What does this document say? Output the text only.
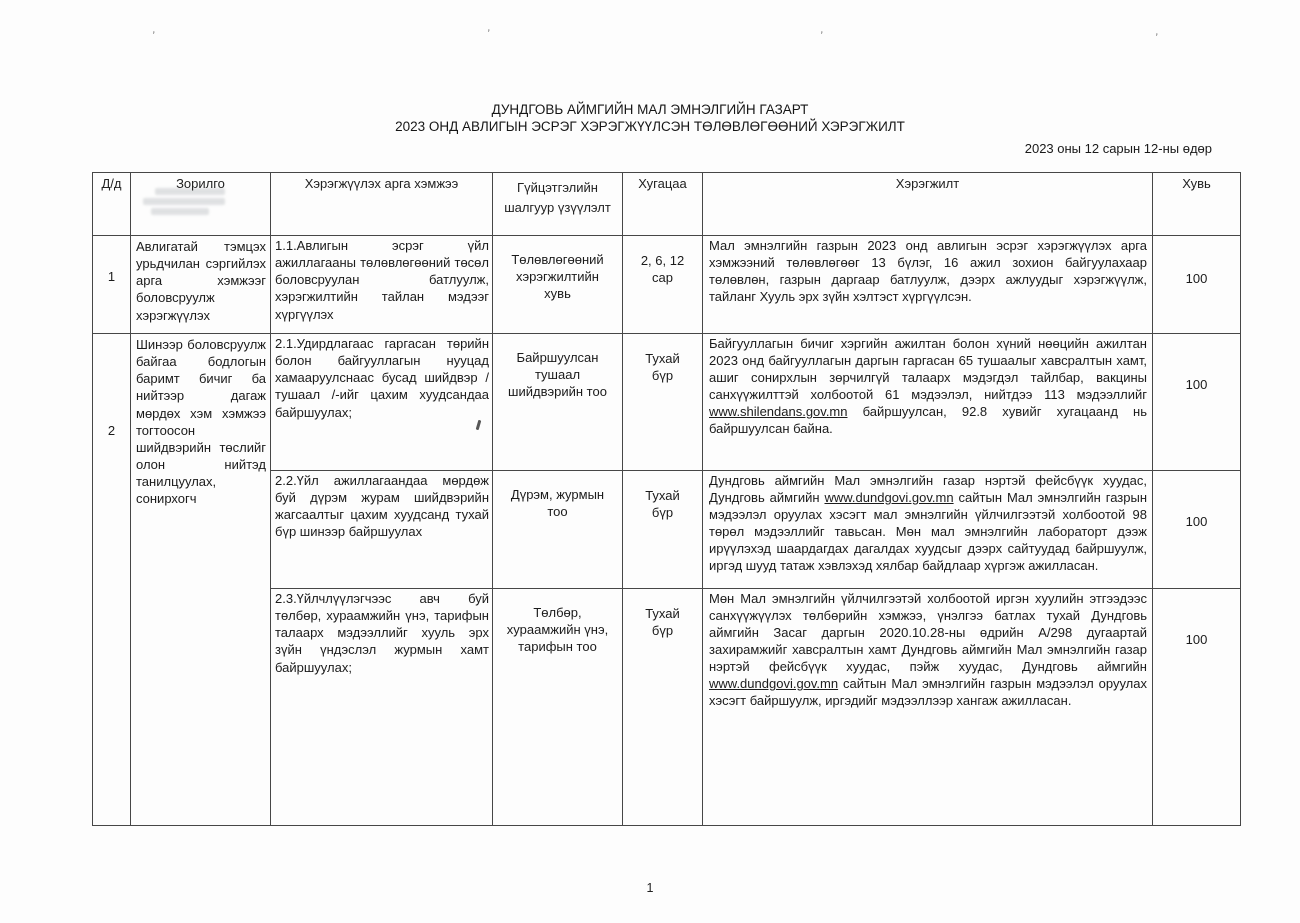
’	’	’	’
ДУНДГОВЬ АЙМГИЙН МАЛ ЭМНЭЛГИЙН ГАЗАРТ
2023 ОНД АВЛИГЫН ЭСРЭГ ХЭРЭГЖҮҮЛСЭН ТӨЛӨВЛӨГӨӨНИЙ ХЭРЭГЖИЛТ
2023 оны 12 сарын 12-ны өдөр
Д/д	Зорилго	Хэрэгжүүлэх арга хэмжээ	Гүйцэтгэлийн шалгуур үзүүлэлт	Хугацаа	Хэрэгжилт	Хувь
1	Авлигатай тэмцэх урьдчилан сэргийлэх арга хэмжээг боловсруулж хэрэгжүүлэх	1.1.Авлигын эсрэг үйл ажиллагааны төлөвлөгөөний төсөл боловсруулан батлуулж, хэрэгжилтийн тайлан мэдээг хүргүүлэх	Төлөвлөгөөний хэрэгжилтийн хувь	2, 6, 12 сар	Мал эмнэлгийн газрын 2023 онд авлигын эсрэг хэрэгжүүлэх арга хэмжээний төлөвлөгөөг 13 бүлэг, 16 ажил зохион байгуулахаар төлөвлөн, газрын даргаар батлуулж, дээрх ажлуудыг хэрэгжүүлж, тайланг Хууль эрх зүйн хэлтэст хүргүүлсэн.	100
2	Шинээр боловсруулж байгаа бодлогын баримт бичиг ба нийтээр дагаж мөрдөх хэм хэмжээ тогтоосон шийдвэрийн төслийг олон нийтэд танилцуулах, сонирхогч	2.1.Удирдлагаас гаргасан төрийн болон байгууллагын нууцад хамааруулснаас бусад шийдвэр / тушаал /-ийг цахим хуудсандаа байршуулах;	Байршуулсан тушаал шийдвэрийн тоо	Тухай бүр	Байгууллагын бичиг хэргийн ажилтан болон хүний нөөцийн ажилтан 2023 онд байгууллагын даргын гаргасан 65 тушаалыг хавсралтын хамт, ашиг сонирхлын зөрчилгүй талаарх мэдэгдэл тайлбар, вакцины санхүүжилттэй холбоотой 61 мэдээлэл, нийтдээ 113 мэдээллийг www.shilendans.gov.mn байршуулсан, 92.8 хувийг хугацаанд нь байршуулсан байна.	100
		2.2.Үйл ажиллагаандаа мөрдөж буй дүрэм журам шийдвэрийн жагсаалтыг цахим хуудсанд тухай бүр шинээр байршуулах	Дүрэм, журмын тоо	Тухай бүр	Дундговь аймгийн Мал эмнэлгийн газар нэртэй фейсбүүк хуудас, Дундговь аймгийн www.dundgovi.gov.mn сайтын Мал эмнэлгийн газрын мэдээлэл оруулах хэсэгт мал эмнэлгийн үйлчилгээтэй холбоотой 98 төрөл мэдээллийг тавьсан. Мөн мал эмнэлгийн лабораторт дээж ирүүлэхэд шаардагдах дагалдах хуудсыг дээрх сайтуудад байршуулж, иргэд шууд татаж хэвлэхэд хялбар байдлаар хүргэж ажилласан.	100
		2.3.Үйлчлүүлэгчээс авч буй төлбөр, хураамжийн үнэ, тарифын талаарх мэдээллийг хууль эрх зүйн үндэслэл журмын хамт байршуулах;	Төлбөр, хураамжийн үнэ, тарифын тоо	Тухай бүр	Мөн Мал эмнэлгийн үйлчилгээтэй холбоотой иргэн хуулийн этгээдээс санхүүжүүлэх төлбөрийн хэмжээ, үнэлгээ батлах тухай Дундговь аймгийн Засаг даргын 2020.10.28-ны өдрийн А/298 дугаартай захирамжийг хавсралтын хамт Дундговь аймгийн Мал эмнэлгийн газар нэртэй фейсбүүк хуудас, пэйж хуудас, Дундговь аймгийн www.dundgovi.gov.mn сайтын Мал эмнэлгийн газрын мэдээлэл оруулах хэсэгт байршуулж, иргэдийг мэдээллээр хангаж ажилласан.	100
1
